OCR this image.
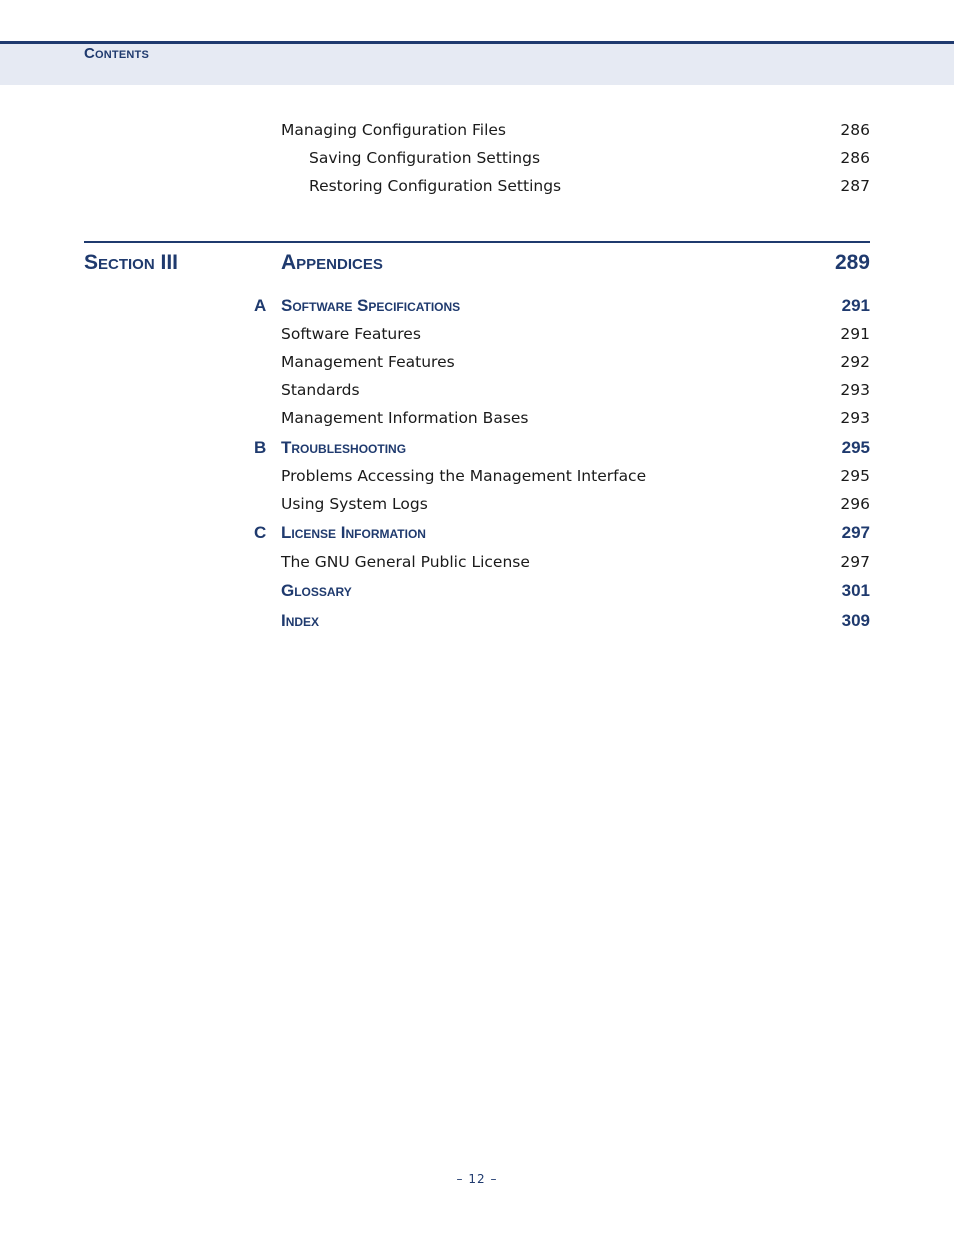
Contents
Managing Configuration Files	286
Saving Configuration Settings	286
Restoring Configuration Settings	287
Section III	Appendices	289
A Software Specifications	291
Software Features	291
Management Features	292
Standards	293
Management Information Bases	293
B Troubleshooting	295
Problems Accessing the Management Interface	295
Using System Logs	296
C License Information	297
The GNU General Public License	297
Glossary	301
Index	309
– 12 –
